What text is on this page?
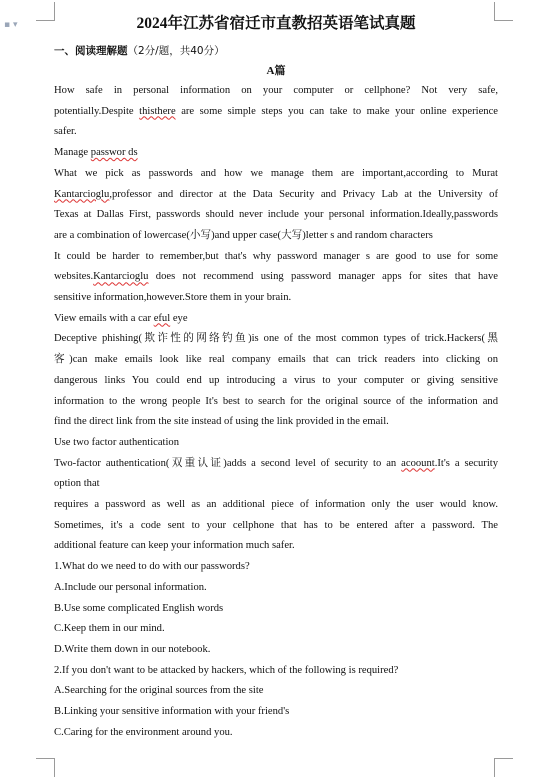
▪ ▾	2024年江苏省宿迁市直教招英语笔试真题
一、阅读理解题（2分/题，共40分）
A篇
How safe in personal information on your computer or cellphone? Not very safe,
potentially.Despite thisthere are some simple steps you can take to make your online experience
safer.
Manage passwor ds
What we pick as passwords and how we manage them are important,according to Murat
Kantarcioglu,professor and director at the Data Security and Privacy Lab at the University of
Texas at Dallas First, passwords should never include your personal information.Ideally,passwords
are a combination of lowercase(小写)and upper case(大写)letter s and random characters
It could be harder to remember,but that's why password manager s are good to use for some
websites.Kantarcioglu does not recommend using password manager apps for sites that have
sensitive information,however.Store them in your brain.
View emails with a car eful eye
Deceptive phishing(欺诈性的网络钓鱼)is one of the most common types of trick.Hackers(黑
客)can make emails look like real company emails that can trick readers into clicking on
dangerous links You could end up introducing a virus to your computer or giving sensitive
information to the wrong people It's best to search for the original source of the information and
find the direct link from the site instead of using the link provided in the email.
Use two factor authentication
Two-factor authentication(双重认证)adds a second level of security to an acoount.It's a security
option that
requires a password as well as an additional piece of information only the user would know.
Sometimes, it's a code sent to your cellphone that has to be entered after a password. The
additional feature can keep your information much safer.
1.What do we need to do with our passwords?
A.Include our personal information.
B.Use some complicated English words
C.Keep them in our mind.
D.Write them down in our notebook.
2.If you don't want to be attacked by hackers, which of the following is required?
A.Searching for the original sources from the site
B.Linking your sensitive information with your friend's
C.Caring for the environment around you.
